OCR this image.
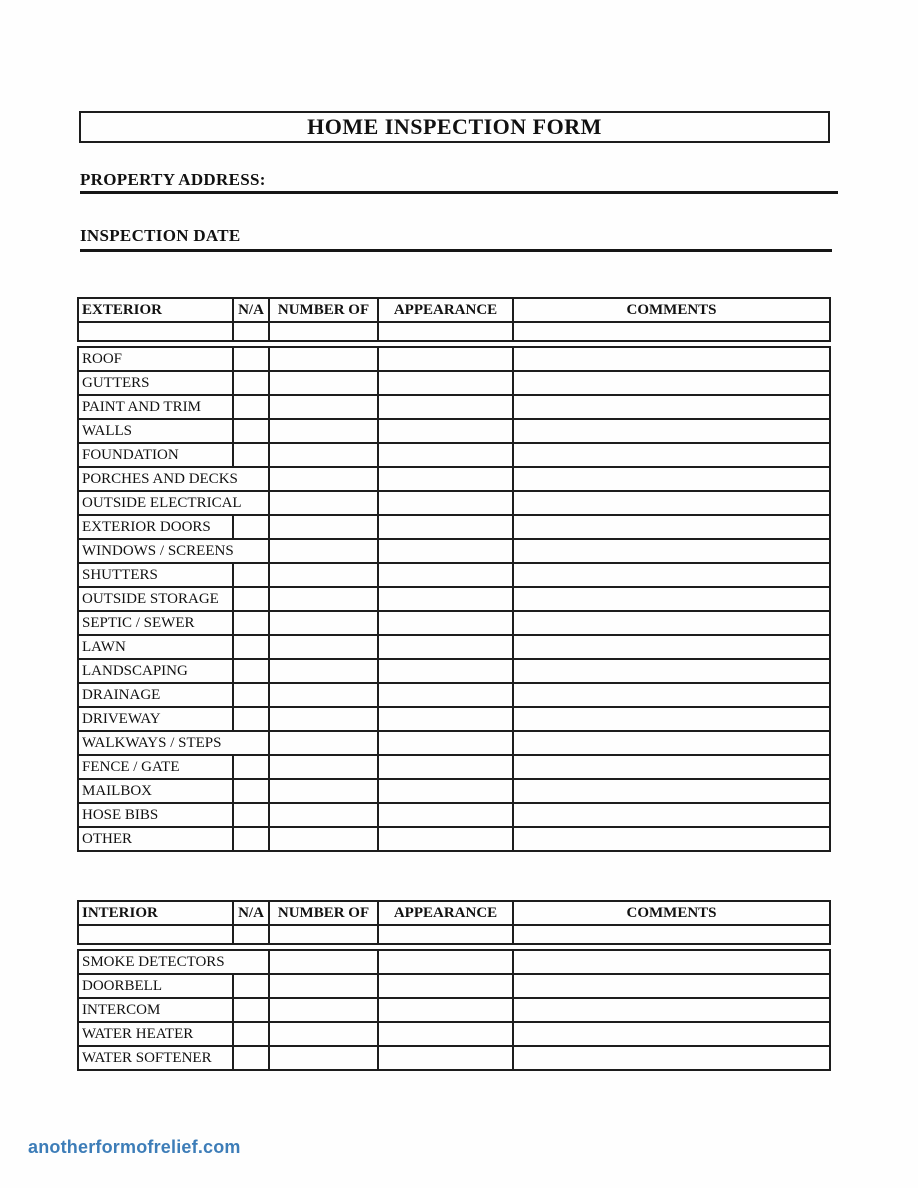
HOME INSPECTION FORM
PROPERTY ADDRESS:
INSPECTION DATE
EXTERIOR	N/A	NUMBER OF	APPEARANCE	COMMENTS

ROOF				
GUTTERS				
PAINT AND TRIM				
WALLS				
FOUNDATION				
PORCHES AND DECKS				
OUTSIDE ELECTRICAL				
EXTERIOR DOORS				
WINDOWS / SCREENS				
SHUTTERS				
OUTSIDE STORAGE				
SEPTIC / SEWER				
LAWN				
LANDSCAPING				
DRAINAGE				
DRIVEWAY				
WALKWAYS / STEPS				
FENCE / GATE				
MAILBOX				
HOSE BIBS				
OTHER				
INTERIOR	N/A	NUMBER OF	APPEARANCE	COMMENTS

SMOKE DETECTORS				
DOORBELL				
INTERCOM				
WATER HEATER				
WATER SOFTENER				
anotherformofrelief.com
